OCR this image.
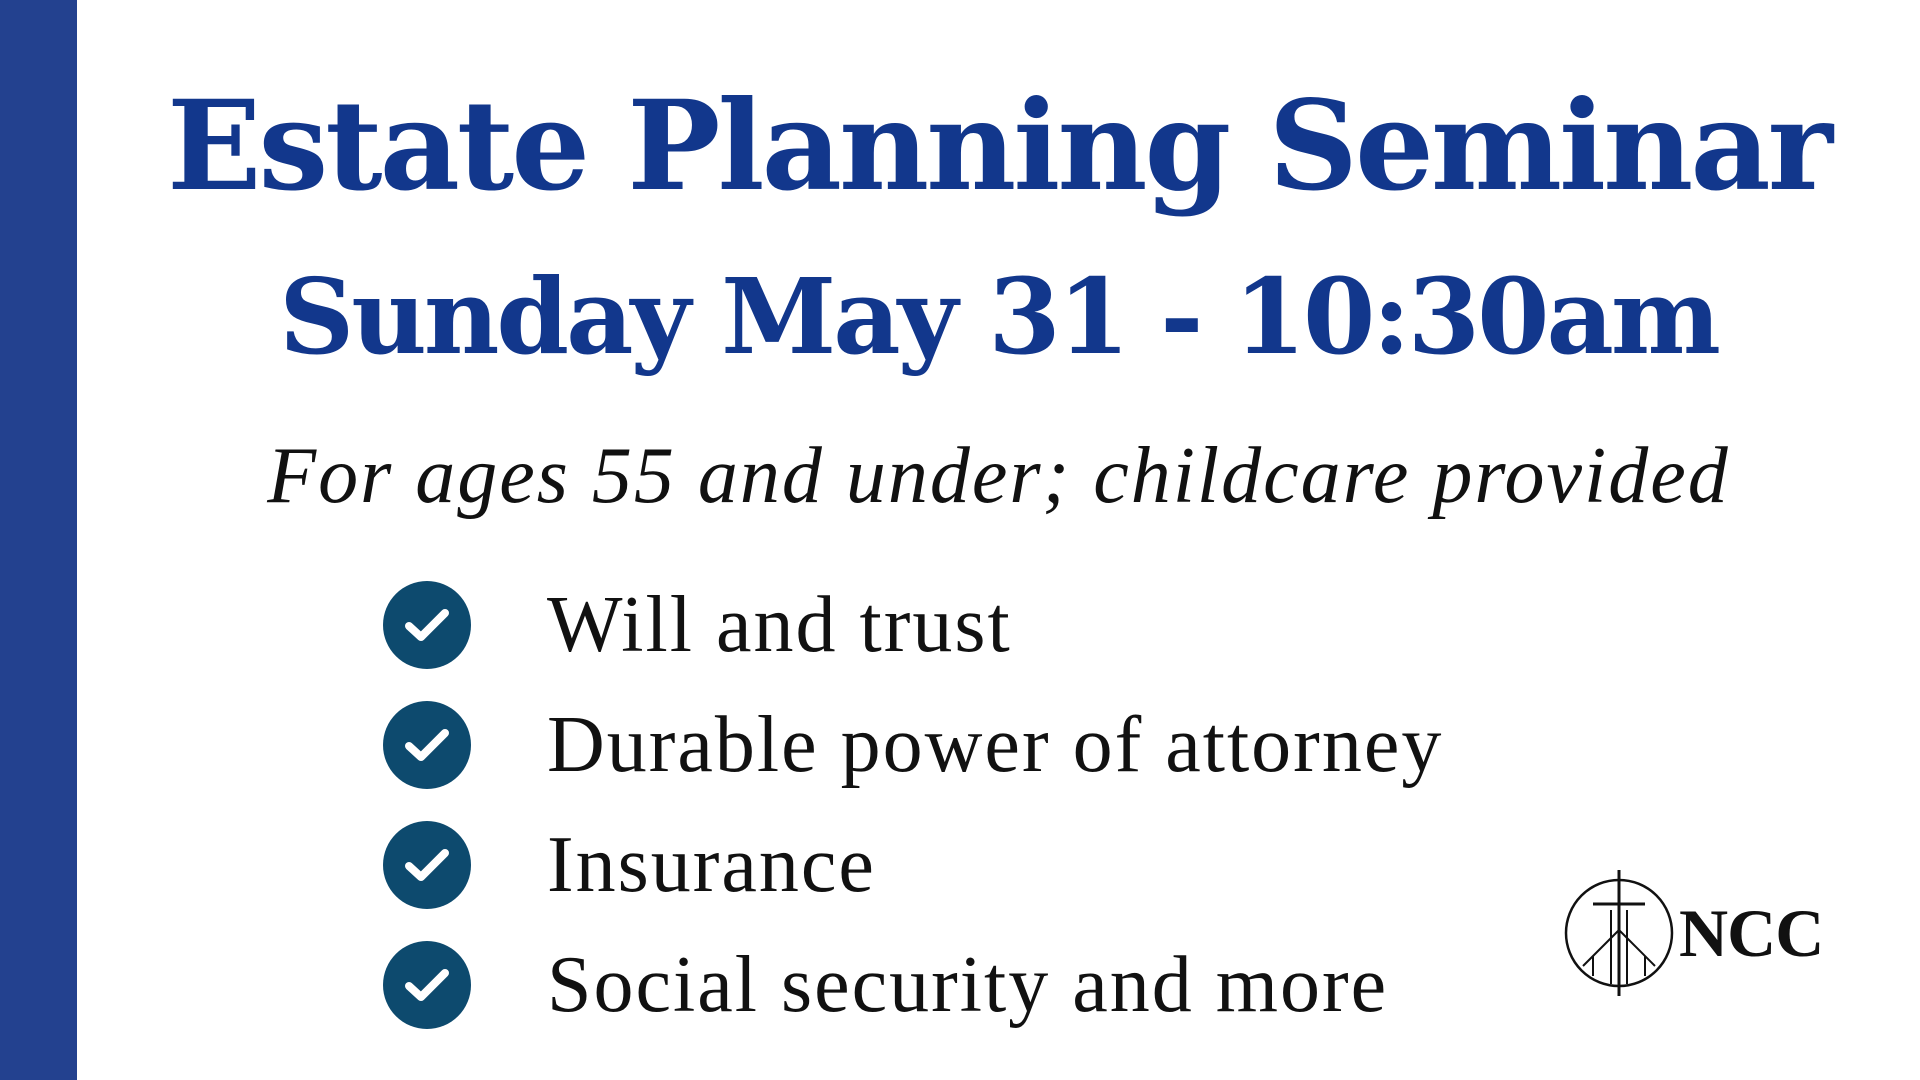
Estate Planning Seminar
Sunday May 31 - 10:30am
For ages 55 and under; childcare provided
Will and trust
Durable power of attorney
Insurance
Social security and more
NCC
